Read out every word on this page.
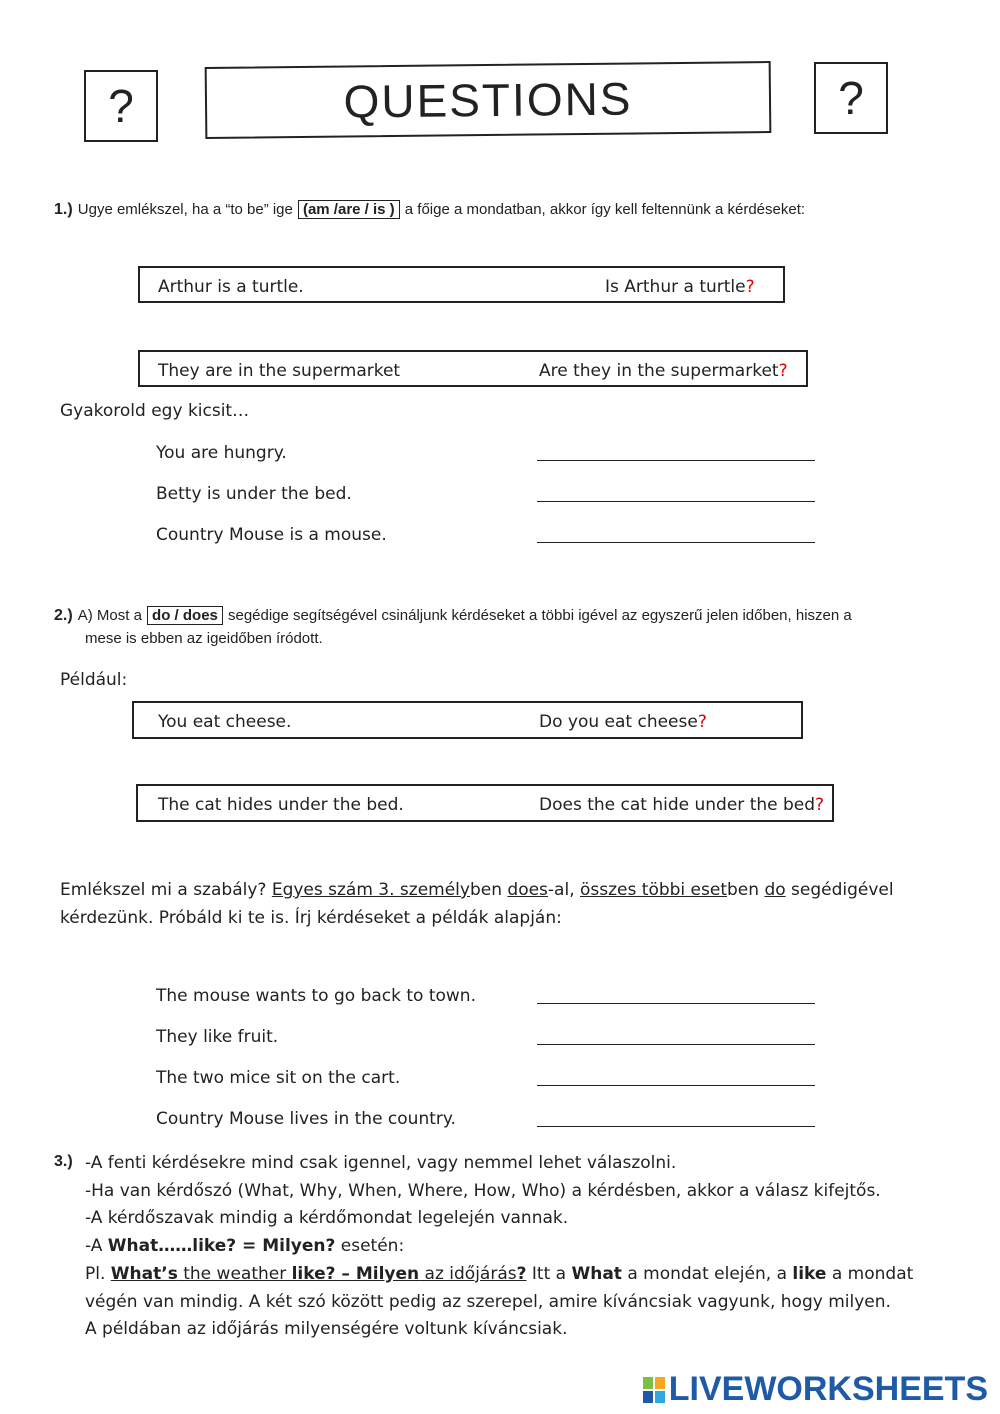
?	QUESTIONS	?
1.) Ugye emlékszel, ha a “to be” ige (am /are / is ) a főige a mondatban, akkor így kell feltennünk a kérdéseket:
Arthur is a turtle.	Is Arthur a turtle?
They are in the supermarket	Are they in the supermarket?
Gyakorold egy kicsit…
You are hungry.
Betty is under the bed.
Country Mouse is a mouse.
2.) A) Most a do / does segédige segítségével csináljunk kérdéseket a többi igével az egyszerű jelen időben, hiszen a
mese is ebben az igeidőben íródott.
Például:
You eat cheese.	Do you eat cheese?
The cat hides under the bed.	Does the cat hide under the bed?
Emlékszel mi a szabály? Egyes szám 3. személyben does-al, összes többi esetben do segédigével
kérdezünk. Próbáld ki te is. Írj kérdéseket a példák alapján:
The mouse wants to go back to town.
They like fruit.
The two mice sit on the cart.
Country Mouse lives in the country.
3.) -A fenti kérdésekre mind csak igennel, vagy nemmel lehet válaszolni.
-Ha van kérdőszó (What, Why, When, Where, How, Who) a kérdésben, akkor a válasz kifejtős.
-A kérdőszavak mindig a kérdőmondat legelején vannak.
-A What……like? = Milyen? esetén:
Pl. What’s the weather like? – Milyen az időjárás? Itt a What a mondat elején, a like a mondat
végén van mindig. A két szó között pedig az szerepel, amire kíváncsiak vagyunk, hogy milyen.
A példában az időjárás milyenségére voltunk kíváncsiak.
LIVEWORKSHEETS
